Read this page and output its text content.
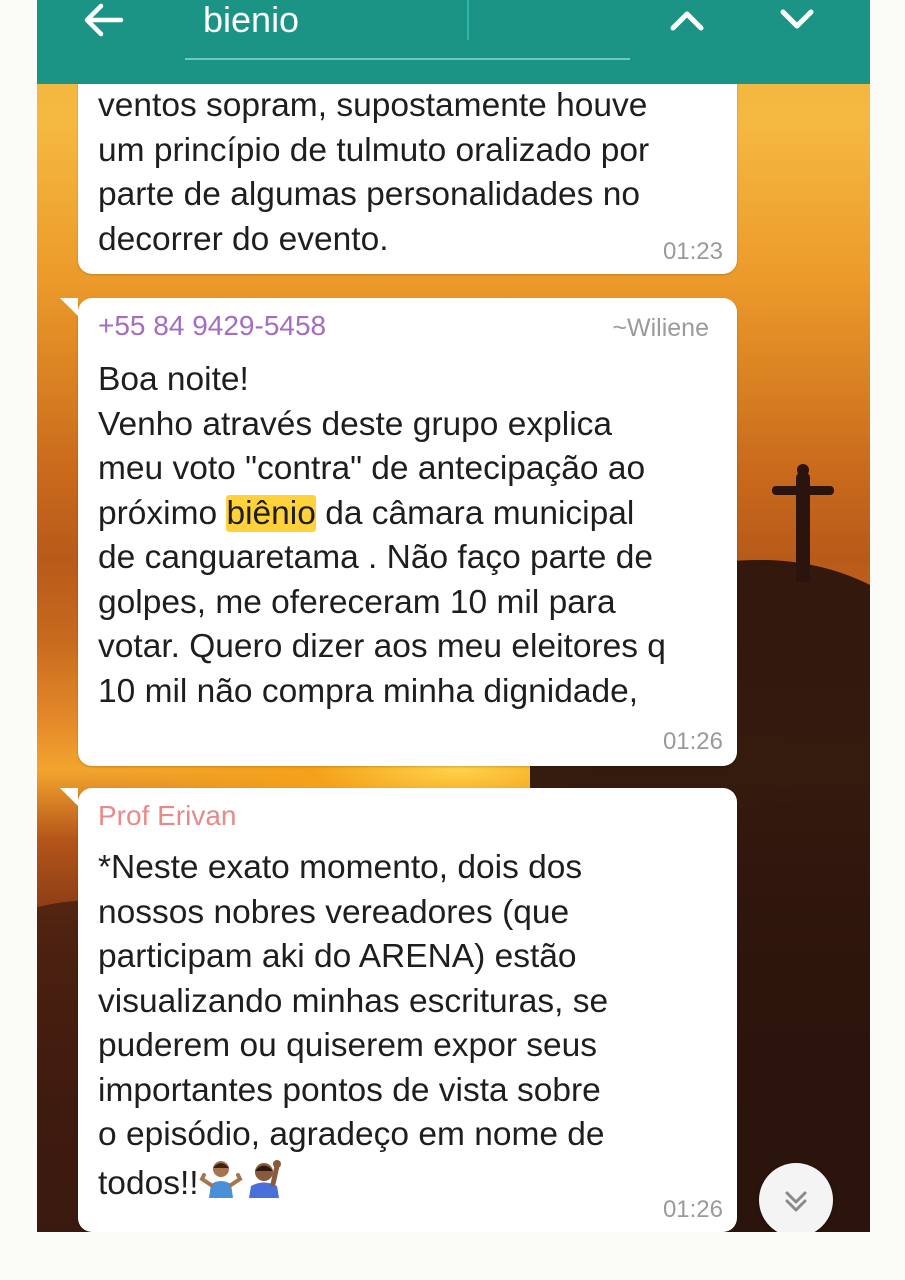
bienio
ventos sopram, supostamente houve
um princípio de tulmuto oralizado por
parte de algumas personalidades no
decorrer do evento.	01:23
+55 84 9429-5458	~Wiliene
Boa noite!
Venho através deste grupo explica
meu voto "contra" de antecipação ao
próximo biênio da câmara municipal
de canguaretama . Não faço parte de
golpes, me ofereceram 10 mil para
votar. Quero dizer aos meu eleitores q
10 mil não compra minha dignidade,
01:26
Prof Erivan
*Neste exato momento, dois dos
nossos nobres vereadores (que
participam aki do ARENA) estão
visualizando minhas escrituras, se
puderem ou quiserem expor seus
importantes pontos de vista sobre
o episódio, agradeço em nome de
todos!!
01:26
